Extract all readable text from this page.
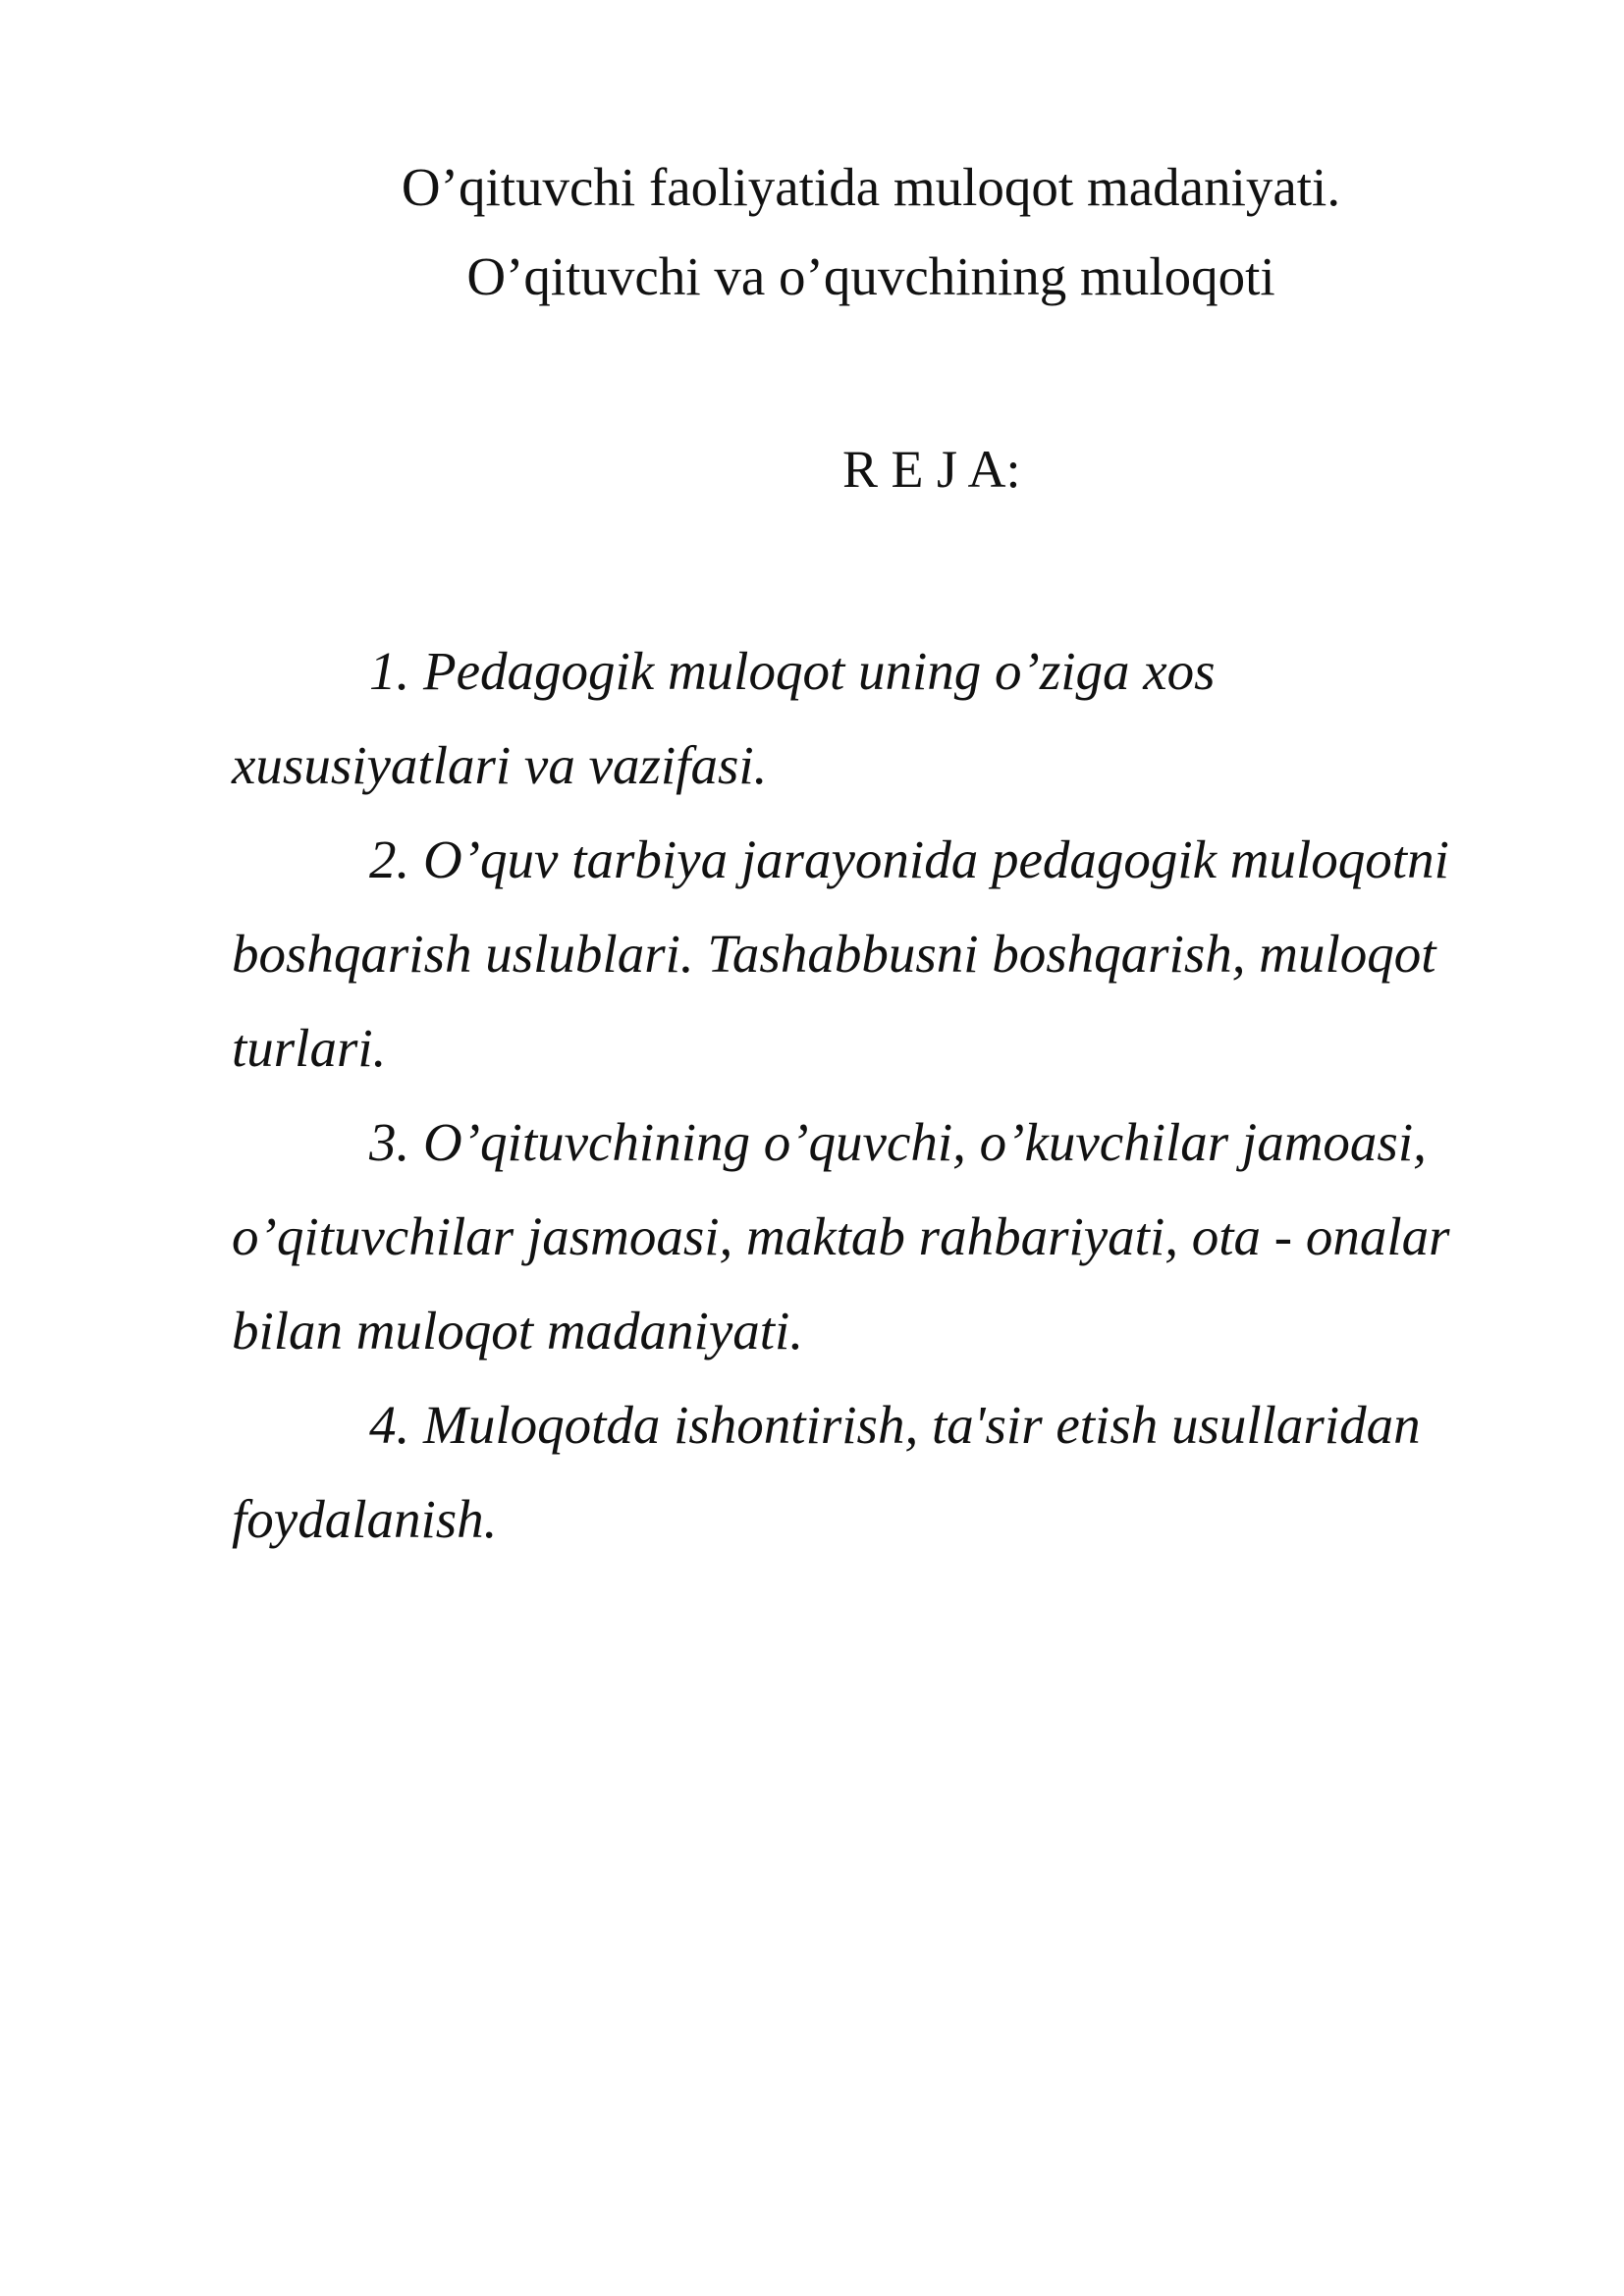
O’qituvchi faoliyatida muloqot madaniyati.
O’qituvchi va o’quvchining muloqoti
R E J A:
1. Pedagogik muloqot uning o’ziga xos xususiyatlari va vazifasi.
2. O’quv tarbiya jarayonida pedagogik muloqotni boshqarish uslublari. Tashabbusni boshqarish, muloqot turlari.
3. O’qituvchining o’quvchi, o’kuvchilar jamoasi, o’qituvchilar jasmoasi, maktab rahbariyati, ota - onalar bilan muloqot madaniyati.
4. Muloqotda ishontirish, ta'sir etish usullaridan foydalanish.
